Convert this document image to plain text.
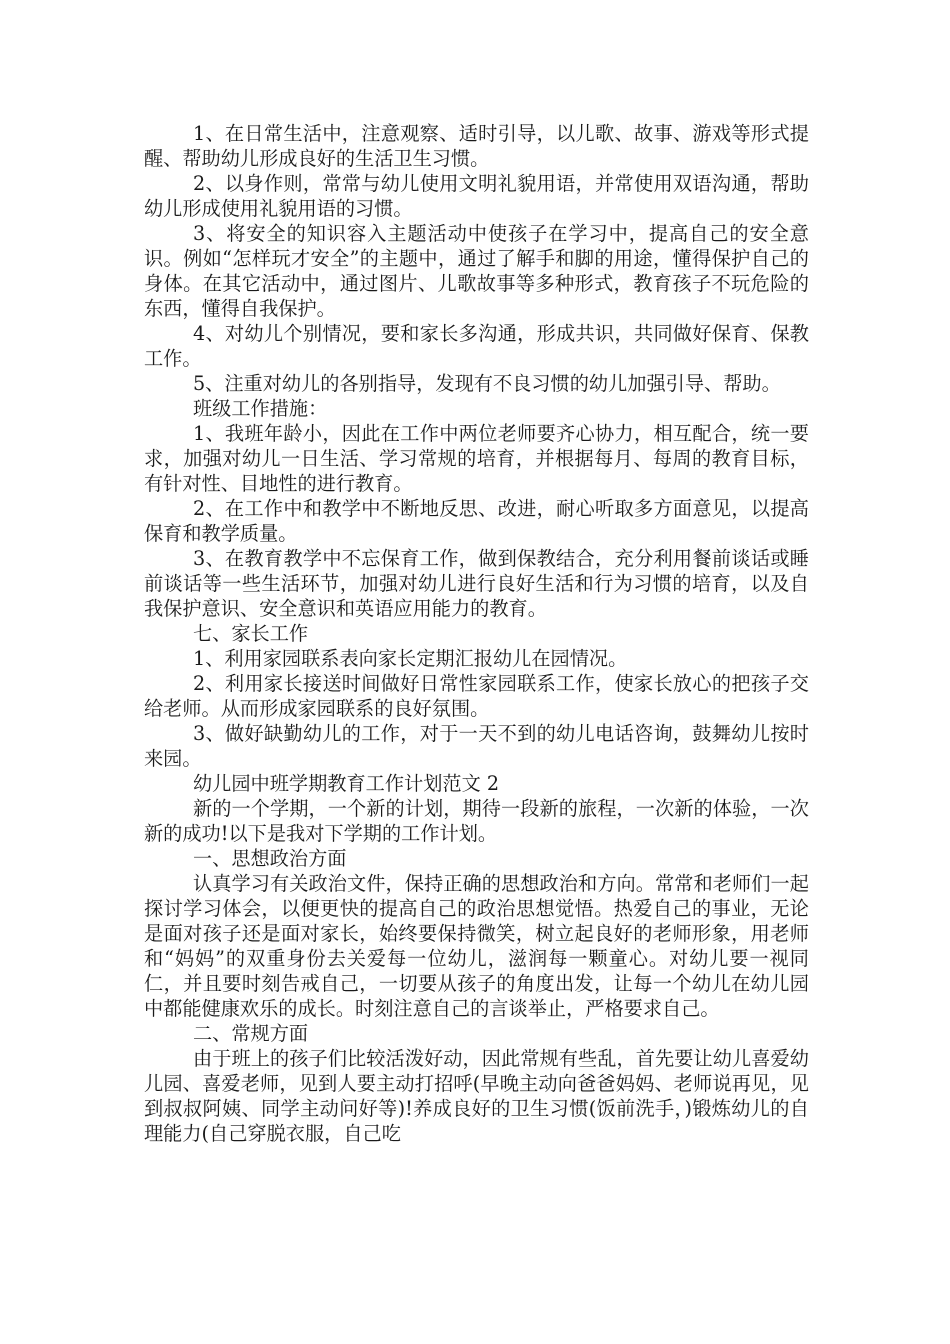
1、在日常生活中，注意观察、适时引导，以儿歌、故事、游戏等形式提醒、帮助幼儿形成良好的生活卫生习惯。

2、以身作则，常常与幼儿使用文明礼貌用语，并常使用双语沟通，帮助幼儿形成使用礼貌用语的习惯。

3、将安全的知识容入主题活动中使孩子在学习中，提高自己的安全意识。例如“怎样玩才安全”的主题中，通过了解手和脚的用途，懂得保护自己的身体。在其它活动中，通过图片、儿歌故事等多种形式，教育孩子不玩危险的东西，懂得自我保护。

4、对幼儿个别情况，要和家长多沟通，形成共识，共同做好保育、保教工作。

5、注重对幼儿的各别指导，发现有不良习惯的幼儿加强引导、帮助。

班级工作措施：

1、我班年龄小，因此在工作中两位老师要齐心协力，相互配合，统一要求，加强对幼儿一日生活、学习常规的培育，并根据每月、每周的教育目标，有针对性、目地性的进行教育。

2、在工作中和教学中不断地反思、改进，耐心听取多方面意见，以提高保育和教学质量。

3、在教育教学中不忘保育工作，做到保教结合，充分利用餐前谈话或睡前谈话等一些生活环节，加强对幼儿进行良好生活和行为习惯的培育，以及自我保护意识、安全意识和英语应用能力的教育。

七、家长工作

1、利用家园联系表向家长定期汇报幼儿在园情况。

2、利用家长接送时间做好日常性家园联系工作，使家长放心的把孩子交给老师。从而形成家园联系的良好氛围。

3、做好缺勤幼儿的工作，对于一天不到的幼儿电话咨询，鼓舞幼儿按时来园。

幼儿园中班学期教育工作计划范文 2

新的一个学期，一个新的计划，期待一段新的旅程，一次新的体验，一次新的成功!以下是我对下学期的工作计划。

一、思想政治方面

认真学习有关政治文件，保持正确的思想政治和方向。常常和老师们一起探讨学习体会，以便更快的提高自己的政治思想觉悟。热爱自己的事业，无论是面对孩子还是面对家长，始终要保持微笑，树立起良好的老师形象，用老师和“妈妈”的双重身份去关爱每一位幼儿，滋润每一颗童心。对幼儿要一视同仁，并且要时刻告戒自己，一切要从孩子的角度出发，让每一个幼儿在幼儿园中都能健康欢乐的成长。时刻注意自己的言谈举止，严格要求自己。

二、常规方面

由于班上的孩子们比较活泼好动，因此常规有些乱，首先要让幼儿喜爱幼儿园、喜爱老师，见到人要主动打招呼(早晚主动向爸爸妈妈、老师说再见，见到叔叔阿姨、同学主动问好等)!养成良好的卫生习惯(饭前洗手，)锻炼幼儿的自理能力(自己穿脱衣服，自己吃
